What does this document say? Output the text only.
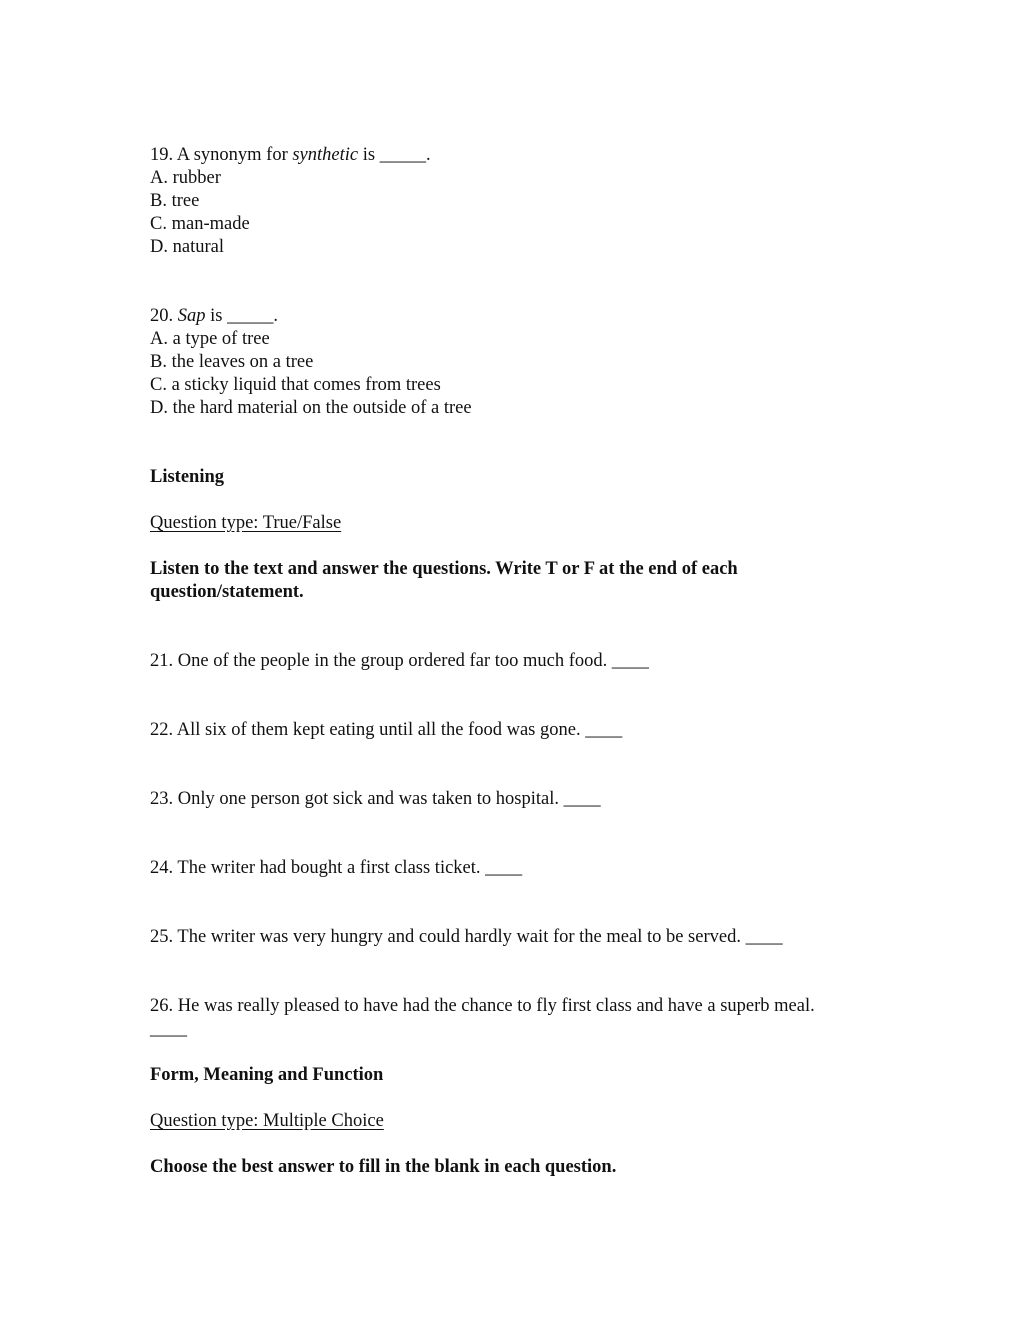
19. A synonym for synthetic is _____.
A. rubber
B. tree
C. man-made
D. natural
20. Sap is _____.
A. a type of tree
B. the leaves on a tree
C. a sticky liquid that comes from trees
D. the hard material on the outside of a tree
Listening
Question type: True/False
Listen to the text and answer the questions. Write T or F at the end of each
question/statement.
21. One of the people in the group ordered far too much food. ____
22. All six of them kept eating until all the food was gone. ____
23. Only one person got sick and was taken to hospital. ____
24. The writer had bought a first class ticket. ____
25. The writer was very hungry and could hardly wait for the meal to be served. ____
26. He was really pleased to have had the chance to fly first class and have a superb meal.
____
Form, Meaning and Function
Question type: Multiple Choice
Choose the best answer to fill in the blank in each question.
